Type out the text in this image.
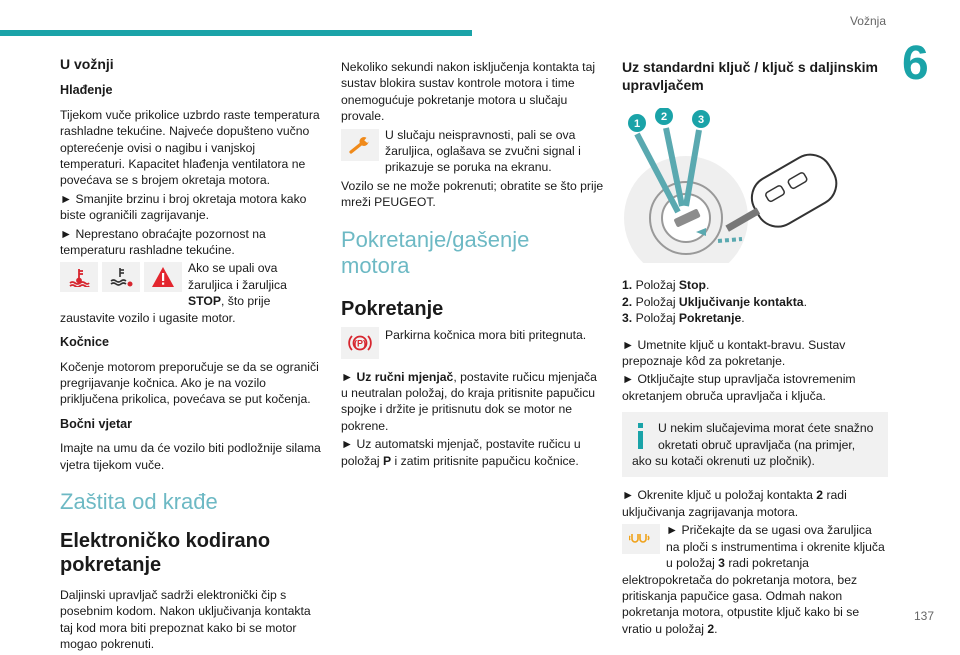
Vožnja
6
U vožnji
Hlađenje

Tijekom vuče prikolice uzbrdo raste temperatura rashladne tekućine. Najveće dopušteno vučno opterećenje ovisi o nagibu i vanjskoj temperaturi. Kapacitet hlađenja ventilatora ne povećava se s brojem okretaja motora.

► Smanjite brzinu i broj okretaja motora kako biste ograničili zagrijavanje.

► Neprestano obraćajte pozornost na temperaturu rashladne tekućine.

Ako se upali ova žaruljica i žaruljica STOP, što prije zaustavite vozilo i ugasite motor.
Kočnice

Kočenje motorom preporučuje se da se ograniči pregrijavanje kočnica. Ako je na vozilo priključena prikolica, povećava se put kočenja.

Bočni vjetar

Imajte na umu da će vozilo biti podložnije silama vjetra tijekom vuče.

Zaštita od krađe
Elektroničko kodirano pokretanje

Daljinski upravljač sadrži elektronički čip s posebnim kodom. Nakon uključivanja kontakta taj kod mora biti prepoznat kako bi se motor mogao pokrenuti.

Nekoliko sekundi nakon isključenja kontakta taj sustav blokira sustav kontrole motora i time onemogućuje pokretanje motora u slučaju provale.

U slučaju neispravnosti, pali se ova žaruljica, oglašava se zvučni signal i prikazuje se poruka na ekranu.

Vozilo se ne može pokrenuti; obratite se što prije mreži PEUGEOT.

Pokretanje/gašenje motora
Pokretanje
(P)

Parkirna kočnica mora biti pritegnuta.

► Uz ručni mjenjač, postavite ručicu mjenjača u neutralan položaj, do kraja pritisnite papučicu spojke i držite je pritisnutu dok se motor ne pokrene.

► Uz automatski mjenjač, postavite ručicu u položaj P i zatim pritisnite papučicu kočnice.

Uz standardni ključ / ključ s daljinskim upravljačem
1
2	3
1. Položaj Stop.
2. Položaj Uključivanje kontakta.
3. Položaj Pokretanje.

► Umetnite ključ u kontakt-bravu. Sustav prepoznaje kôd za pokretanje.

► Otključajte stup upravljača istovremenim okretanjem obruča upravljača i ključa.

U nekim slučajevima morat ćete snažno okretati obruč upravljača (na primjer, ako su kotači okrenuti uz pločnik).

► Okrenite ključ u položaj kontakta 2 radi uključivanja zagrijavanja motora.

► Pričekajte da se ugasi ova žaruljica na ploči s instrumentima i okrenite ključa u položaj 3 radi pokretanja elektropokretača do pokretanja motora, bez pritiskanja papučice gasa. Odmah nakon pokretanja motora, otpustite ključ kako bi se vratio u položaj 2.
137
